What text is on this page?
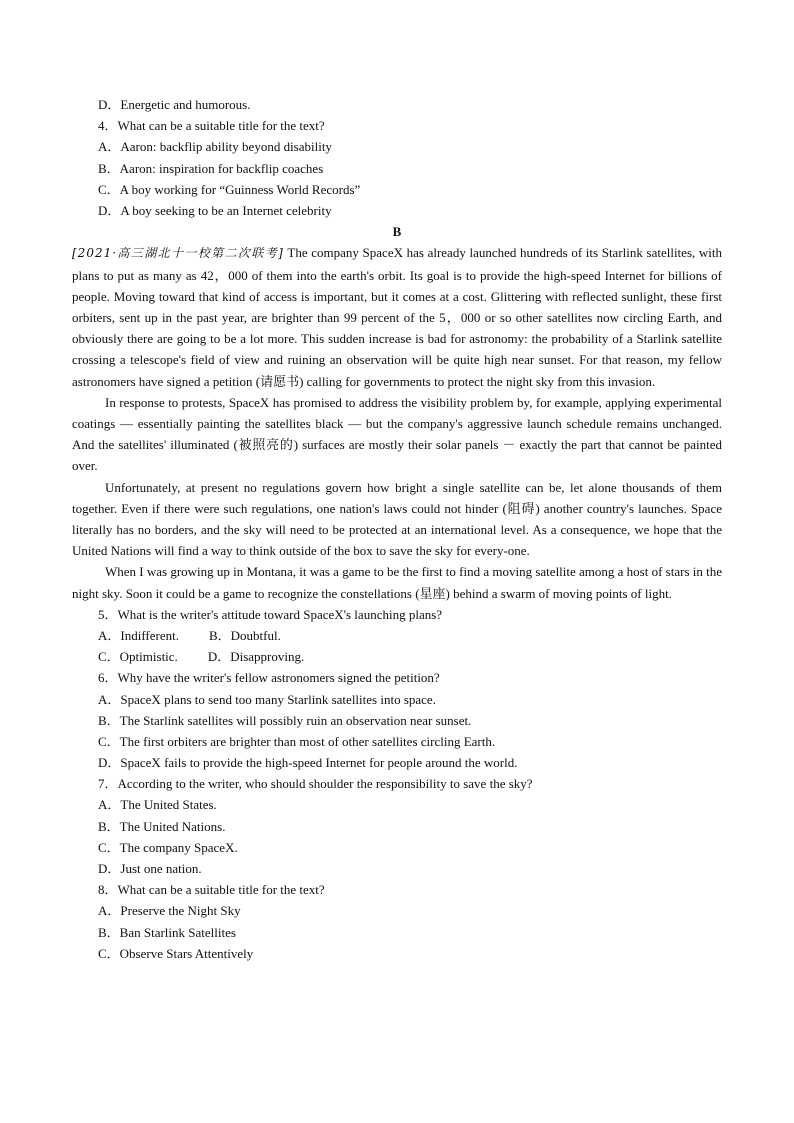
D．Energetic and humorous.
4．What can be a suitable title for the text?
A．Aaron: backflip ability beyond disability
B．Aaron: inspiration for backflip coaches
C．A boy working for “Guinness World Records”
D．A boy seeking to be an Internet celebrity
B

[2021·高三湖北十一校第二次联考] The company SpaceX has already launched hundreds of its Starlink satellites, with plans to put as many as 42，000 of them into the earth's orbit. Its goal is to provide the high-speed Internet for billions of people. Moving toward that kind of access is important, but it comes at a cost. Glittering with reflected sunlight, these first orbiters, sent up in the past year, are brighter than 99 percent of the 5，000 or so other satellites now circling Earth, and obviously there are going to be a lot more. This sudden increase is bad for astronomy: the probability of a Starlink satellite crossing a telescope's field of view and ruining an observation will be quite high near sunset. For that reason, my fellow astronomers have signed a petition (请愿书) calling for governments to protect the night sky from this invasion.

In response to protests, SpaceX has promised to address the visibility problem by, for example, applying experimental coatings — essentially painting the satellites black — but the company's aggressive launch schedule remains unchanged. And the satellites' illuminated (被照亮的) surfaces are mostly their solar panels － exactly the part that cannot be painted over.

Unfortunately, at present no regulations govern how bright a single satellite can be, let alone thousands of them together. Even if there were such regulations, one nation's laws could not hinder (阻碍) another country's launches. Space literally has no borders, and the sky will need to be protected at an international level. As a consequence, we hope that the United Nations will find a way to think outside of the box to save the sky for every-one.

When I was growing up in Montana, it was a game to be the first to find a moving satellite among a host of stars in the night sky. Soon it could be a game to recognize the constellations (星座) behind a swarm of moving points of light.

5．What is the writer's attitude toward SpaceX's launching plans?
A．Indifferent. B．Doubtful.
C．Optimistic. D．Disapproving.
6．Why have the writer's fellow astronomers signed the petition?
A．SpaceX plans to send too many Starlink satellites into space.
B．The Starlink satellites will possibly ruin an observation near sunset.
C．The first orbiters are brighter than most of other satellites circling Earth.
D．SpaceX fails to provide the high-speed Internet for people around the world.
7．According to the writer, who should shoulder the responsibility to save the sky?
A．The United States.
B．The United Nations.
C．The company SpaceX.
D．Just one nation.
8．What can be a suitable title for the text?
A．Preserve the Night Sky
B．Ban Starlink Satellites
C．Observe Stars Attentively
